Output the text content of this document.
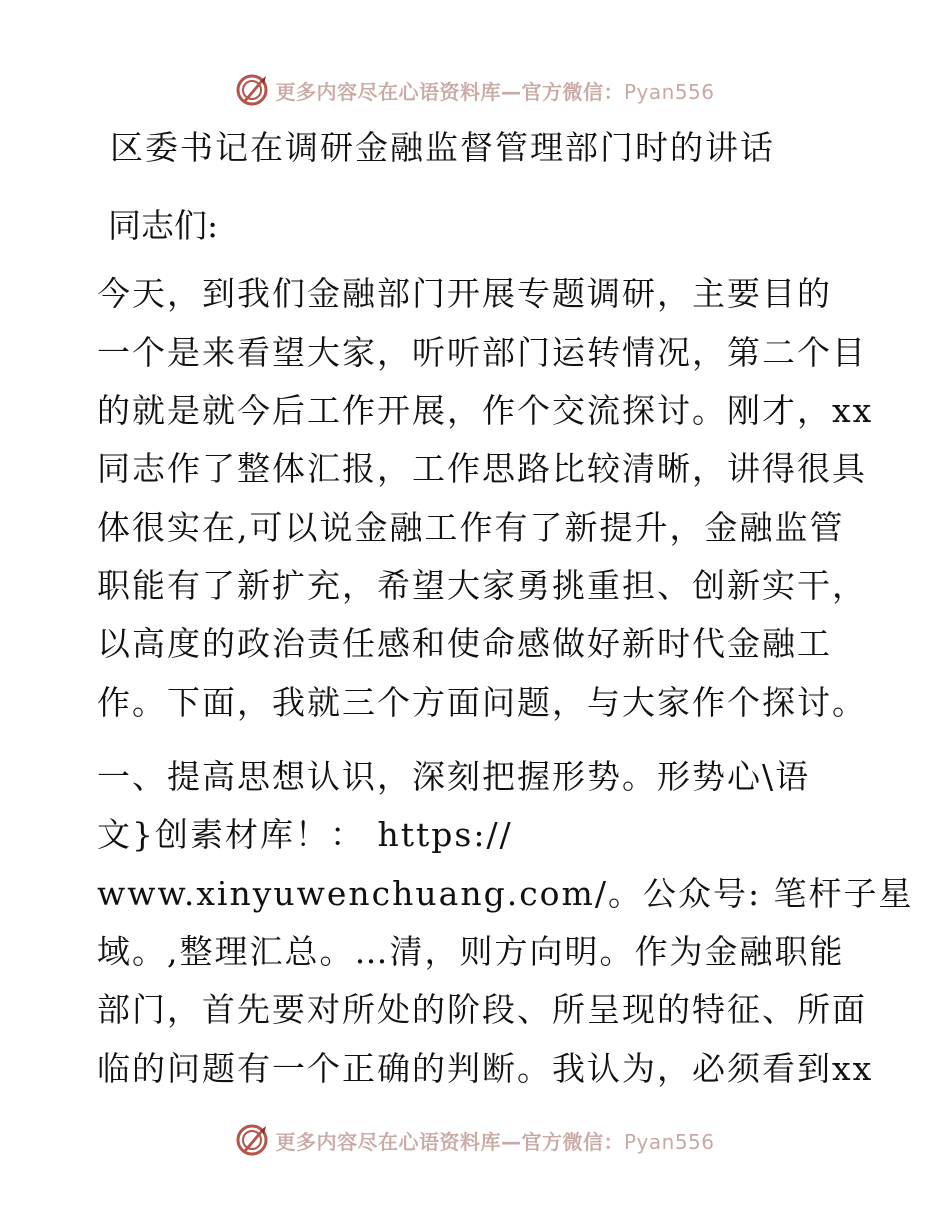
更多内容尽在心语资料库—官方微信：Pyan556
区委书记在调研金融监督管理部门时的讲话

同志们:

今天，到我们金融部门开展专题调研，主要目的

一个是来看望大家，听听部门运转情况，第二个目

的就是就今后工作开展，作个交流探讨。刚才，xx

同志作了整体汇报，工作思路比较清晰，讲得很具

体很实在,可以说金融工作有了新提升，金融监管

职能有了新扩充，希望大家勇挑重担、创新实干，

以高度的政治责任感和使命感做好新时代金融工

作。下面，我就三个方面问题，与大家作个探讨。

一、提高思想认识，深刻把握形势。形势心\语

文}创素材库！： https://

www.xinyuwenchuang.com/。公众号: 笔杆子星

域。,整理汇总。…清，则方向明。作为金融职能

部门，首先要对所处的阶段、所呈现的特征、所面

临的问题有一个正确的判断。我认为，必须看到xx

更多内容尽在心语资料库—官方微信：Pyan556
